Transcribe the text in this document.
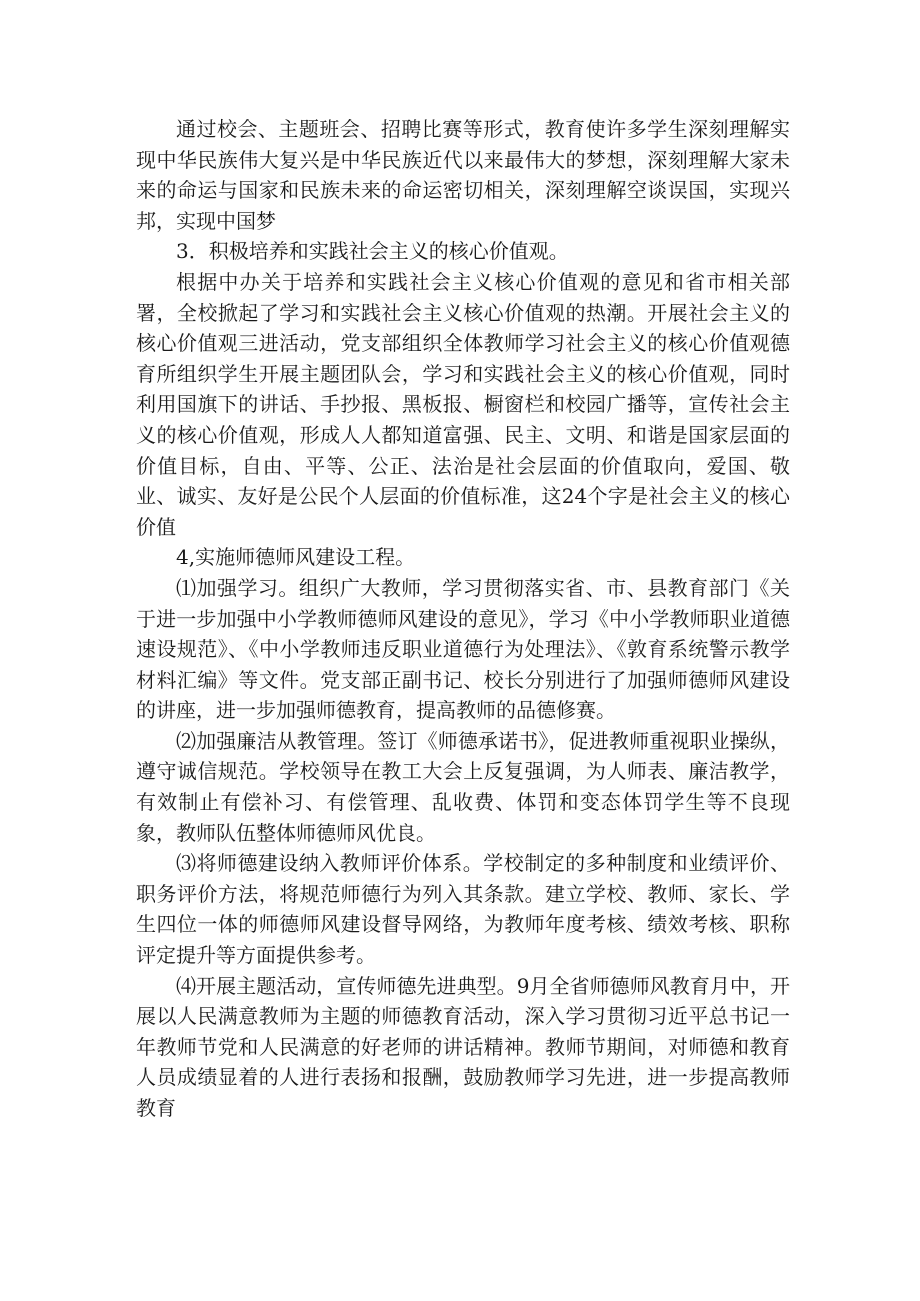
通过校会、主题班会、招聘比赛等形式，教育使许多学生深刻理解实现中华民族伟大复兴是中华民族近代以来最伟大的梦想，深刻理解大家未来的命运与国家和民族未来的命运密切相关，深刻理解空谈误国，实现兴邦，实现中国梦

3．积极培养和实践社会主义的核心价值观。

根据中办关于培养和实践社会主义核心价值观的意见和省市相关部署，全校掀起了学习和实践社会主义核心价值观的热潮。开展社会主义的核心价值观三进活动，党支部组织全体教师学习社会主义的核心价值观德育所组织学生开展主题团队会，学习和实践社会主义的核心价值观，同时利用国旗下的讲话、手抄报、黑板报、橱窗栏和校园广播等，宣传社会主义的核心价值观，形成人人都知道富强、民主、文明、和谐是国家层面的价值目标，自由、平等、公正、法治是社会层面的价值取向，爱国、敬业、诚实、友好是公民个人层面的价值标准，这24个字是社会主义的核心价值

4,实施师德师风建设工程。

⑴加强学习。组织广大教师，学习贯彻落实省、市、县教育部门《关于进一步加强中小学教师德师风建设的意见》，学习《中小学教师职业道德速设规范》、《中小学教师违反职业道德行为处理法》、《敦育系统警示教学材料汇编》等文件。党支部正副书记、校长分别进行了加强师德师风建设的讲座，进一步加强师德教育，提高教师的品德修赛。

⑵加强廉洁从教管理。签订《师德承诺书》，促进教师重视职业操纵，遵守诚信规范。学校领导在教工大会上反复强调，为人师表、廉洁教学，有效制止有偿补习、有偿管理、乱收费、体罚和变态体罚学生等不良现象，教师队伍整体师德师风优良。

⑶将师德建设纳入教师评价体系。学校制定的多种制度和业绩评价、职务评价方法，将规范师德行为列入其条款。建立学校、教师、家长、学生四位一体的师德师风建设督导网络，为教师年度考核、绩效考核、职称评定提升等方面提供参考。

⑷开展主题活动，宣传师德先进典型。9月全省师德师风教育月中，开展以人民满意教师为主题的师德教育活动，深入学习贯彻习近平总书记一年教师节党和人民满意的好老师的讲话精神。教师节期间，对师德和教育人员成绩显着的人进行表扬和报酬，鼓励教师学习先进，进一步提高教师教育
